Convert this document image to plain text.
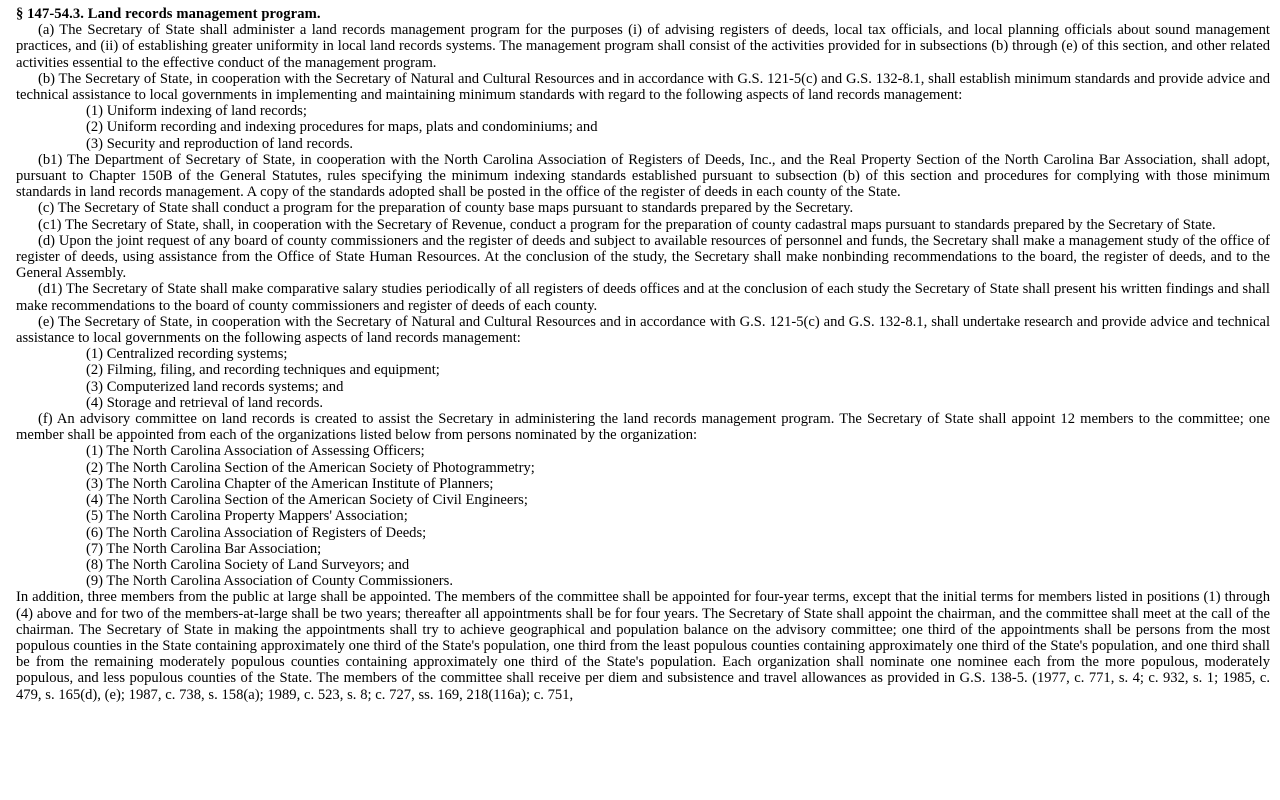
§ 147-54.3. Land records management program.

(a) The Secretary of State shall administer a land records management program for the purposes (i) of advising registers of deeds, local tax officials, and local planning officials about sound management practices, and (ii) of establishing greater uniformity in local land records systems. The management program shall consist of the activities provided for in subsections (b) through (e) of this section, and other related activities essential to the effective conduct of the management program.

(b) The Secretary of State, in cooperation with the Secretary of Natural and Cultural Resources and in accordance with G.S. 121-5(c) and G.S. 132-8.1, shall establish minimum standards and provide advice and technical assistance to local governments in implementing and maintaining minimum standards with regard to the following aspects of land records management:

(1) Uniform indexing of land records;

(2) Uniform recording and indexing procedures for maps, plats and condominiums; and

(3) Security and reproduction of land records.

(b1) The Department of Secretary of State, in cooperation with the North Carolina Association of Registers of Deeds, Inc., and the Real Property Section of the North Carolina Bar Association, shall adopt, pursuant to Chapter 150B of the General Statutes, rules specifying the minimum indexing standards established pursuant to subsection (b) of this section and procedures for complying with those minimum standards in land records management. A copy of the standards adopted shall be posted in the office of the register of deeds in each county of the State.

(c) The Secretary of State shall conduct a program for the preparation of county base maps pursuant to standards prepared by the Secretary.

(c1) The Secretary of State, shall, in cooperation with the Secretary of Revenue, conduct a program for the preparation of county cadastral maps pursuant to standards prepared by the Secretary of State.

(d) Upon the joint request of any board of county commissioners and the register of deeds and subject to available resources of personnel and funds, the Secretary shall make a management study of the office of register of deeds, using assistance from the Office of State Human Resources. At the conclusion of the study, the Secretary shall make nonbinding recommendations to the board, the register of deeds, and to the General Assembly.

(d1) The Secretary of State shall make comparative salary studies periodically of all registers of deeds offices and at the conclusion of each study the Secretary of State shall present his written findings and shall make recommendations to the board of county commissioners and register of deeds of each county.

(e) The Secretary of State, in cooperation with the Secretary of Natural and Cultural Resources and in accordance with G.S. 121-5(c) and G.S. 132-8.1, shall undertake research and provide advice and technical assistance to local governments on the following aspects of land records management:

(1) Centralized recording systems;

(2) Filming, filing, and recording techniques and equipment;

(3) Computerized land records systems; and

(4) Storage and retrieval of land records.

(f) An advisory committee on land records is created to assist the Secretary in administering the land records management program. The Secretary of State shall appoint 12 members to the committee; one member shall be appointed from each of the organizations listed below from persons nominated by the organization:

(1) The North Carolina Association of Assessing Officers;

(2) The North Carolina Section of the American Society of Photogrammetry;

(3) The North Carolina Chapter of the American Institute of Planners;

(4) The North Carolina Section of the American Society of Civil Engineers;

(5) The North Carolina Property Mappers' Association;

(6) The North Carolina Association of Registers of Deeds;

(7) The North Carolina Bar Association;

(8) The North Carolina Society of Land Surveyors; and

(9) The North Carolina Association of County Commissioners.

In addition, three members from the public at large shall be appointed. The members of the committee shall be appointed for four-year terms, except that the initial terms for members listed in positions (1) through (4) above and for two of the members-at-large shall be two years; thereafter all appointments shall be for four years. The Secretary of State shall appoint the chairman, and the committee shall meet at the call of the chairman. The Secretary of State in making the appointments shall try to achieve geographical and population balance on the advisory committee; one third of the appointments shall be persons from the most populous counties in the State containing approximately one third of the State's population, one third from the least populous counties containing approximately one third of the State's population, and one third shall be from the remaining moderately populous counties containing approximately one third of the State's population. Each organization shall nominate one nominee each from the more populous, moderately populous, and less populous counties of the State. The members of the committee shall receive per diem and subsistence and travel allowances as provided in G.S. 138-5. (1977, c. 771, s. 4; c. 932, s. 1; 1985, c. 479, s. 165(d), (e); 1987, c. 738, s. 158(a); 1989, c. 523, s. 8; c. 727, ss. 169, 218(116a); c. 751,
